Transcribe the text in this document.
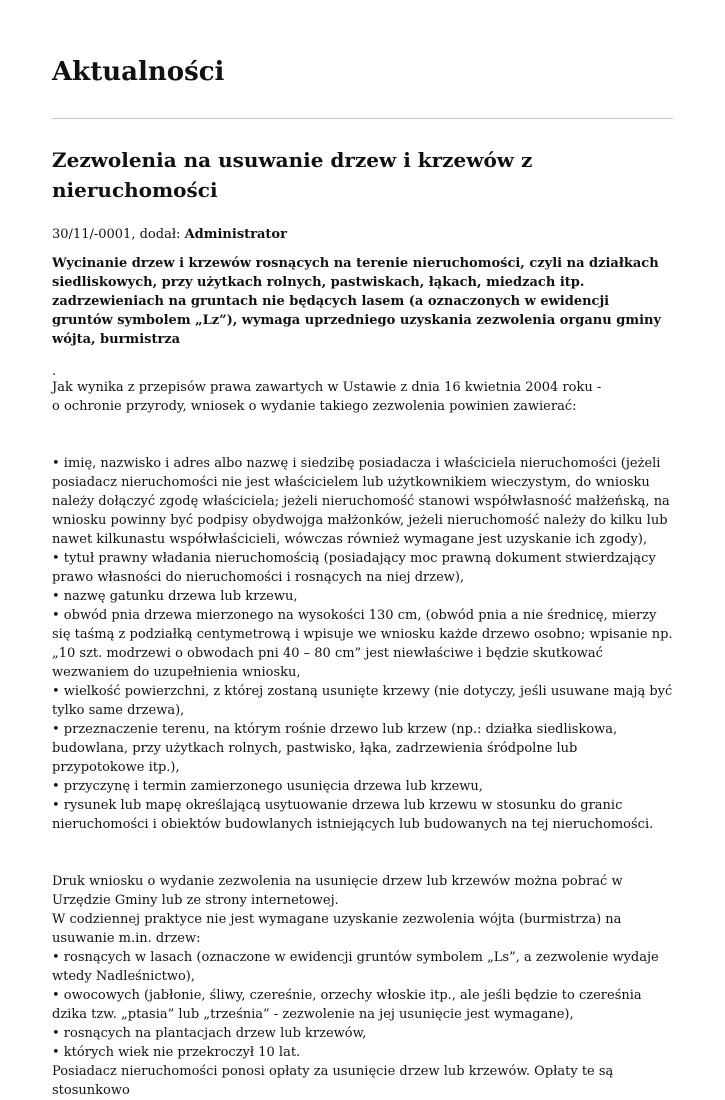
Aktualności
Zezwolenia na usuwanie drzew i krzewów z nieruchomości

30/11/-0001, dodał: Administrator

Wycinanie drzew i krzewów rosnących na terenie nieruchomości, czyli na działkach siedliskowych, przy użytkach rolnych, pastwiskach, łąkach, miedzach itp. zadrzewieniach na gruntach nie będących lasem (a oznaczonych w ewidencji gruntów symbolem „Lz”), wymaga uprzedniego uzyskania zezwolenia organu gminy wójta, burmistrza

.

Jak wynika z przepisów prawa zawartych w Ustawie z dnia 16 kwietnia 2004 roku -
o ochronie przyrody, wniosek o wydanie takiego zezwolenia powinien zawierać:

• imię, nazwisko i adres albo nazwę i siedzibę posiadacza i właściciela nieruchomości (jeżeli posiadacz nieruchomości nie jest właścicielem lub użytkownikiem wieczystym, do wniosku należy dołączyć zgodę właściciela; jeżeli nieruchomość stanowi współwłasność małżeńską, na wniosku powinny być podpisy obydwojga małżonków, jeżeli nieruchomość należy do kilku lub nawet kilkunastu współwłaścicieli, wówczas również wymagane jest uzyskanie ich zgody),
• tytuł prawny władania nieruchomością (posiadający moc prawną dokument stwierdzający prawo własności do nieruchomości i rosnących na niej drzew),
• nazwę gatunku drzewa lub krzewu,
• obwód pnia drzewa mierzonego na wysokości 130 cm, (obwód pnia a nie średnicę, mierzy się taśmą z podziałką centymetrową i wpisuje we wniosku każde drzewo osobno; wpisanie np. „10 szt. modrzewi o obwodach pni 40 – 80 cm” jest niewłaściwe i będzie skutkować wezwaniem do uzupełnienia wniosku,
• wielkość powierzchni, z której zostaną usunięte krzewy (nie dotyczy, jeśli usuwane mają być tylko same drzewa),
• przeznaczenie terenu, na którym rośnie drzewo lub krzew (np.: działka siedliskowa, budowlana, przy użytkach rolnych, pastwisko, łąka, zadrzewienia śródpolne lub przypotokowe itp.),
• przyczynę i termin zamierzonego usunięcia drzewa lub krzewu,
• rysunek lub mapę określającą usytuowanie drzewa lub krzewu w stosunku do granic nieruchomości i obiektów budowlanych istniejących lub budowanych na tej nieruchomości.
Druk wniosku o wydanie zezwolenia na usunięcie drzew lub krzewów można pobrać w Urzędzie Gminy lub ze strony internetowej.
W codziennej praktyce nie jest wymagane uzyskanie zezwolenia wójta (burmistrza) na usuwanie m.in. drzew:
• rosnących w lasach (oznaczone w ewidencji gruntów symbolem „Ls”, a zezwolenie wydaje wtedy Nadleśnictwo),
• owocowych (jabłonie, śliwy, czereśnie, orzechy włoskie itp., ale jeśli będzie to czereśnia dzika tzw. „ptasia” lub „trześnia” - zezwolenie na jej usunięcie jest wymagane),
• rosnących na plantacjach drzew lub krzewów,
• których wiek nie przekroczył 10 lat.
Posiadacz nieruchomości ponosi opłaty za usunięcie drzew lub krzewów. Opłaty te są stosunkowo
